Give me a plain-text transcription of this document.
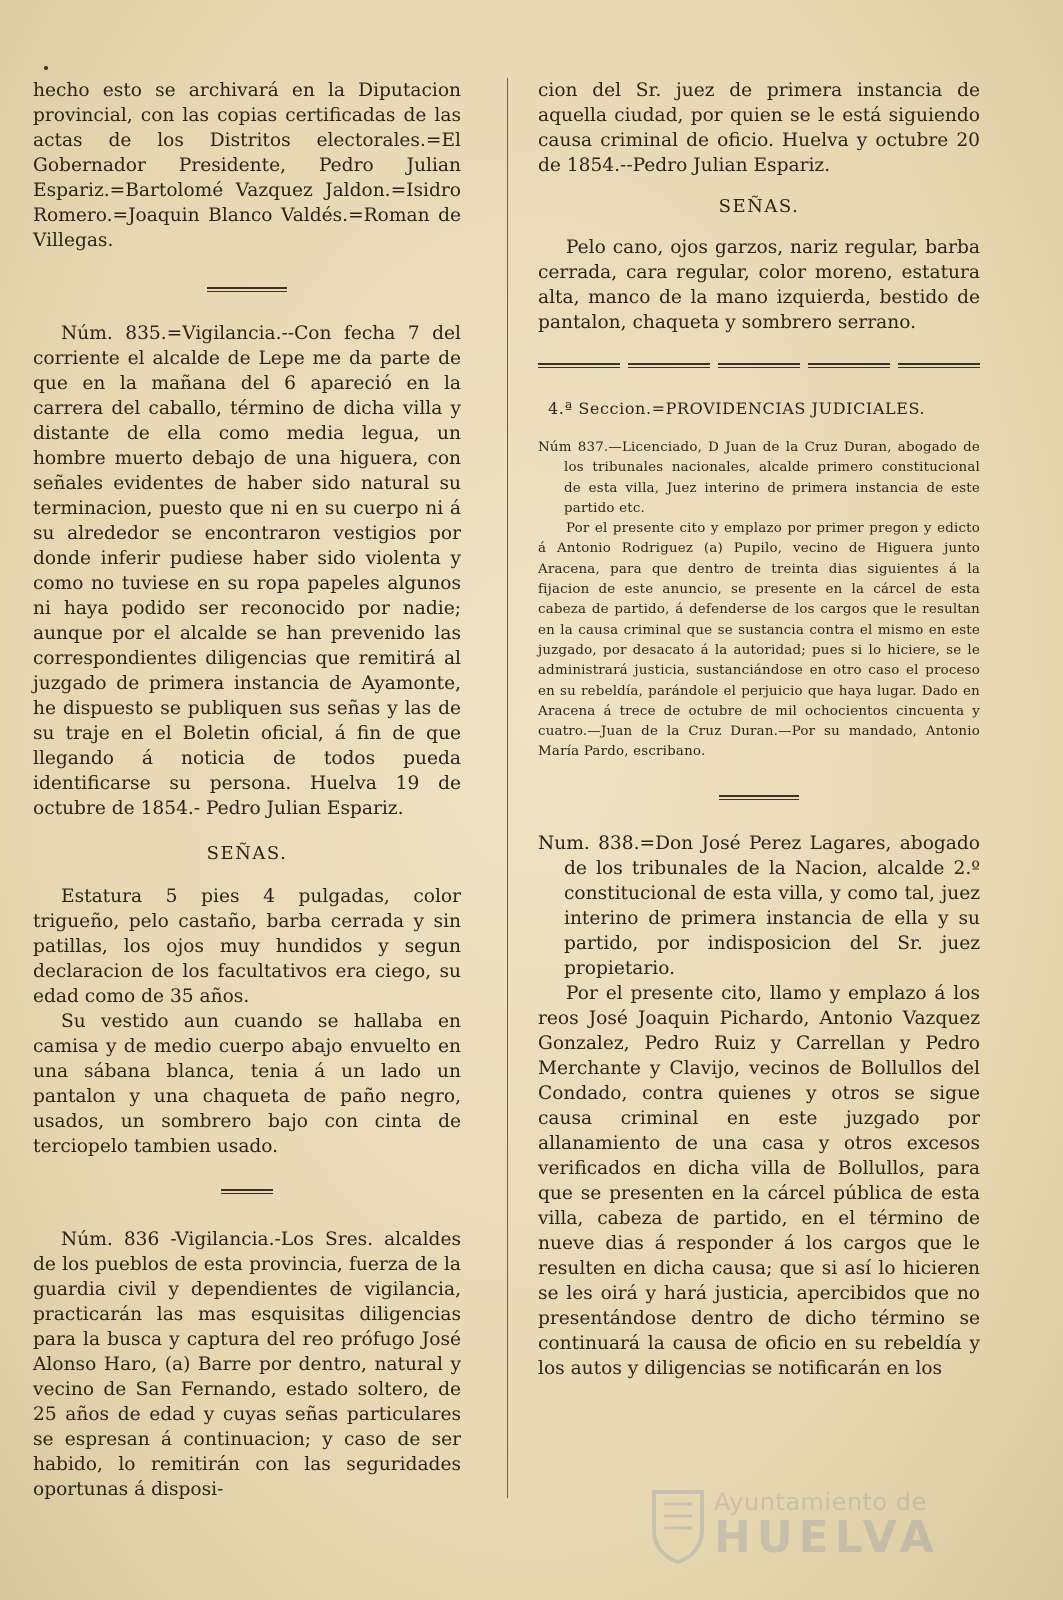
hecho esto se archivará en la Diputacion provincial, con las copias certificadas de las actas de los Distritos electorales.=El Gobernador Presidente, Pedro Julian Espariz.=Bartolomé Vazquez Jaldon.=Isidro Romero.=Joaquin Blanco Valdés.=Roman de Villegas.

Núm. 835.=Vigilancia.--Con fecha 7 del corriente el alcalde de Lepe me da parte de que en la mañana del 6 apareció en la carrera del caballo, término de dicha villa y distante de ella como media legua, un hombre muerto debajo de una higuera, con señales evidentes de haber sido natural su terminacion, puesto que ni en su cuerpo ni á su alrededor se encontraron vestigios por donde inferir pudiese haber sido violenta y como no tuviese en su ropa papeles algunos ni haya podido ser reconocido por nadie; aunque por el alcalde se han prevenido las correspondientes diligencias que remitirá al juzgado de primera instancia de Ayamonte, he dispuesto se publiquen sus señas y las de su traje en el Boletin oficial, á fin de que llegando á noticia de todos pueda identificarse su persona. Huelva 19 de octubre de 1854.- Pedro Julian Espariz.

SEÑAS.

Estatura 5 pies 4 pulgadas, color trigueño, pelo castaño, barba cerrada y sin patillas, los ojos muy hundidos y segun declaracion de los facultativos era ciego, su edad como de 35 años.

Su vestido aun cuando se hallaba en camisa y de medio cuerpo abajo envuelto en una sábana blanca, tenia á un lado un pantalon y una chaqueta de paño negro, usados, un sombrero bajo con cinta de terciopelo tambien usado.

Núm. 836 -Vigilancia.-Los Sres. alcaldes de los pueblos de esta provincia, fuerza de la guardia civil y dependientes de vigilancia, practicarán las mas esquisitas diligencias para la busca y captura del reo prófugo José Alonso Haro, (a) Barre por dentro, natural y vecino de San Fernando, estado soltero, de 25 años de edad y cuyas señas particulares se espresan á continuacion; y caso de ser habido, lo remitirán con las seguridades oportunas á disposi-

cion del Sr. juez de primera instancia de aquella ciudad, por quien se le está siguiendo causa criminal de oficio. Huelva y octubre 20 de 1854.--Pedro Julian Espariz.

SEÑAS.

Pelo cano, ojos garzos, nariz regular, barba cerrada, cara regular, color moreno, estatura alta, manco de la mano izquierda, bestido de pantalon, chaqueta y sombrero serrano.

4.ª Seccion.=PROVIDENCIAS JUDICIALES.

Núm 837.—Licenciado, D Juan de la Cruz Duran, abogado de los tribunales nacionales, alcalde primero constitucional de esta villa, Juez interino de primera instancia de este partido etc.

Por el presente cito y emplazo por primer pregon y edicto á Antonio Rodriguez (a) Pupilo, vecino de Higuera junto Aracena, para que dentro de treinta dias siguientes á la fijacion de este anuncio, se presente en la cárcel de esta cabeza de partido, á defenderse de los cargos que le resultan en la causa criminal que se sustancia contra el mismo en este juzgado, por desacato á la autoridad; pues si lo hiciere, se le administrará justicia, sustanciándose en otro caso el proceso en su rebeldía, parándole el perjuicio que haya lugar. Dado en Aracena á trece de octubre de mil ochocientos cincuenta y cuatro.—Juan de la Cruz Duran.—Por su mandado, Antonio María Pardo, escribano.

Num. 838.=Don José Perez Lagares, abogado de los tribunales de la Nacion, alcalde 2.º constitucional de esta villa, y como tal, juez interino de primera instancia de ella y su partido, por indisposicion del Sr. juez propietario.

Por el presente cito, llamo y emplazo á los reos José Joaquin Pichardo, Antonio Vazquez Gonzalez, Pedro Ruiz y Carrellan y Pedro Merchante y Clavijo, vecinos de Bollullos del Condado, contra quienes y otros se sigue causa criminal en este juzgado por allanamiento de una casa y otros excesos verificados en dicha villa de Bollullos, para que se presenten en la cárcel pública de esta villa, cabeza de partido, en el término de nueve dias á responder á los cargos que le resulten en dicha causa; que si así lo hicieren se les oirá y hará justicia, apercibidos que no presentándose dentro de dicho término se continuará la causa de oficio en su rebeldía y los autos y diligencias se notificarán en los

Ayuntamiento de
HUELVA
